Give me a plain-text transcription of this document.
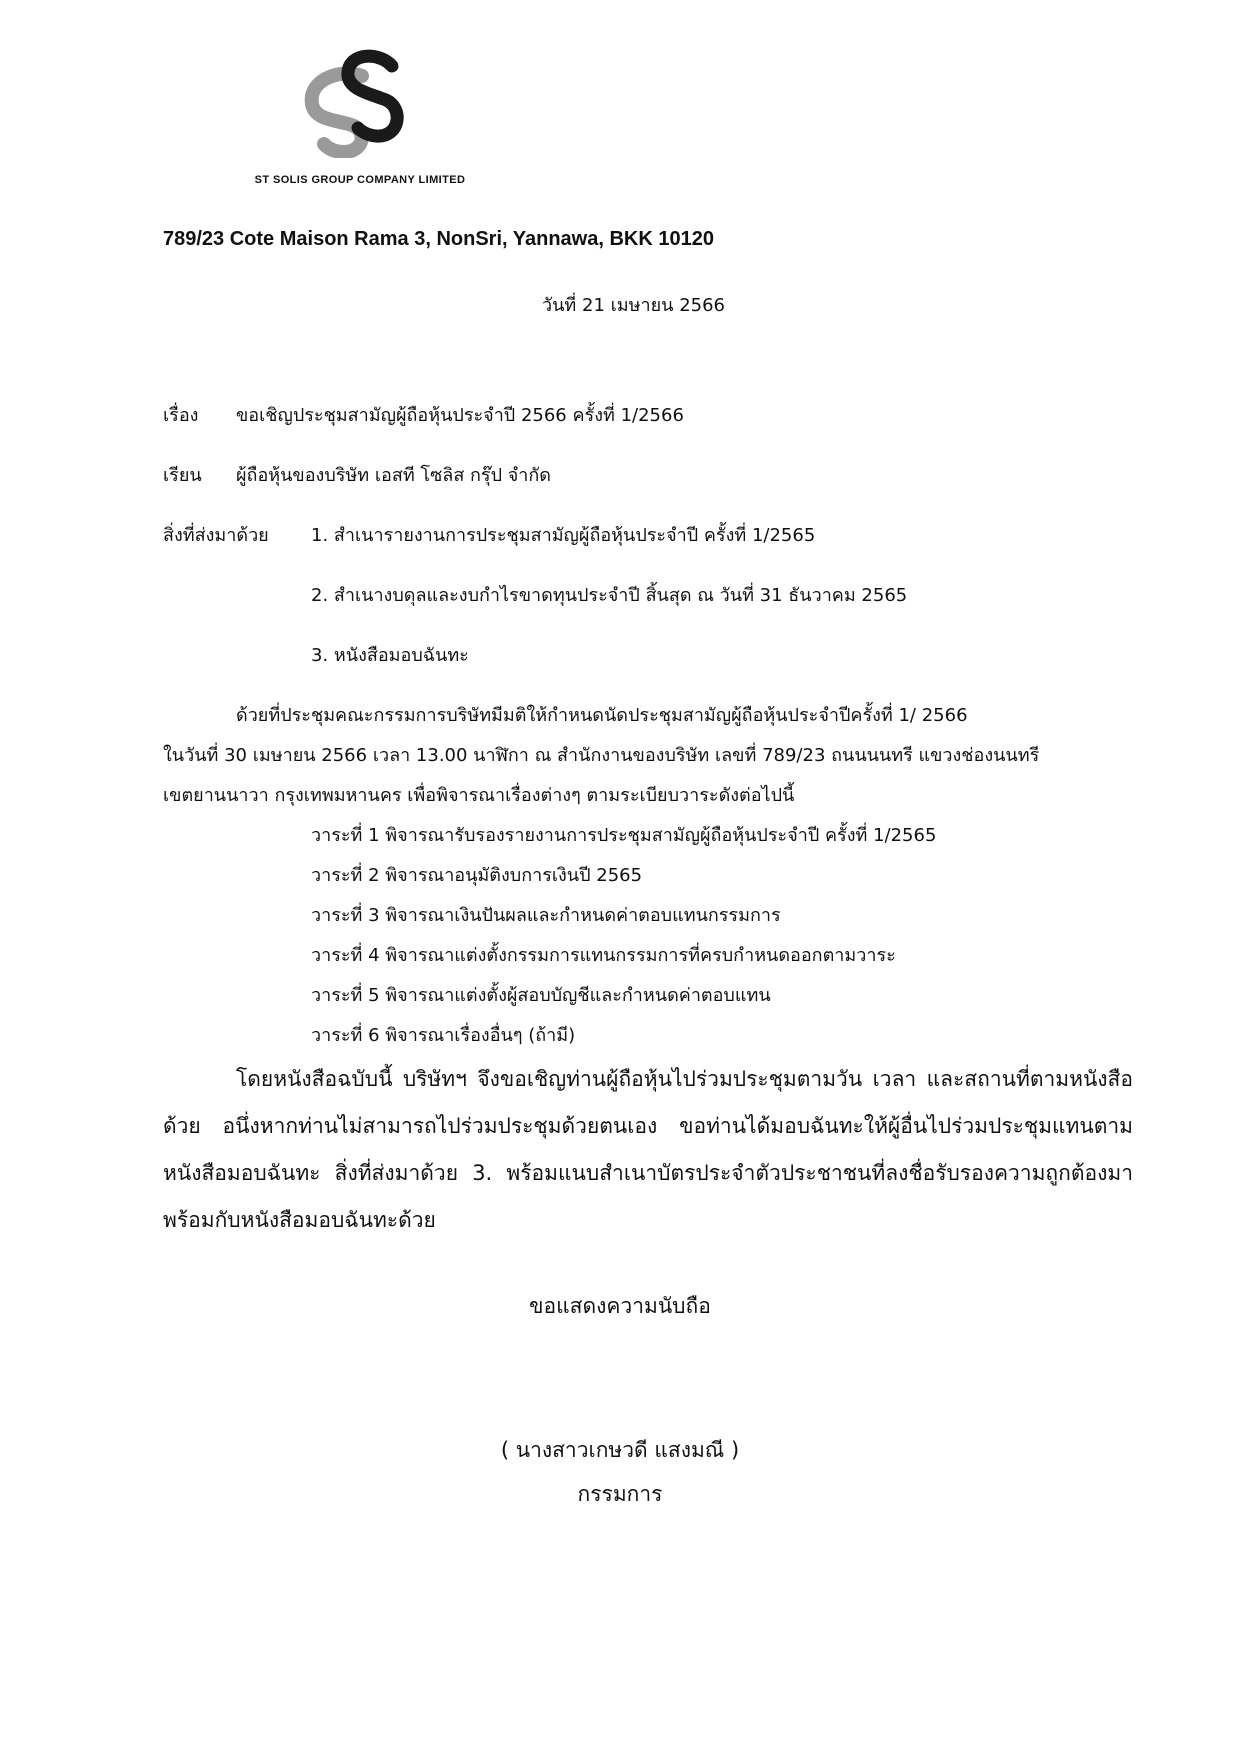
ST SOLIS GROUP COMPANY LIMITED
789/23 Cote Maison Rama 3, NonSri, Yannawa, BKK 10120
วันที่ 21 เมษายน 2566
เรื่อง ขอเชิญประชุมสามัญผู้ถือหุ้นประจำปี 2566 ครั้งที่ 1/2566
เรียน ผู้ถือหุ้นของบริษัท เอสที โซลิส กรุ๊ป จำกัด
สิ่งที่ส่งมาด้วย 1. สำเนารายงานการประชุมสามัญผู้ถือหุ้นประจำปี ครั้งที่ 1/2565
2. สำเนางบดุลและงบกำไรขาดทุนประจำปี สิ้นสุด ณ วันที่ 31 ธันวาคม 2565
3. หนังสือมอบฉันทะ
ด้วยที่ประชุมคณะกรรมการบริษัทมีมติให้กำหนดนัดประชุมสามัญผู้ถือหุ้นประจำปีครั้งที่ 1/ 2566
ในวันที่ 30 เมษายน 2566 เวลา 13.00 นาฬิกา ณ สำนักงานของบริษัท เลขที่ 789/23 ถนนนนทรี แขวงช่องนนทรี
เขตยานนาวา กรุงเทพมหานคร เพื่อพิจารณาเรื่องต่างๆ ตามระเบียบวาระดังต่อไปนี้
วาระที่ 1 พิจารณารับรองรายงานการประชุมสามัญผู้ถือหุ้นประจำปี ครั้งที่ 1/2565
วาระที่ 2 พิจารณาอนุมัติงบการเงินปี 2565
วาระที่ 3 พิจารณาเงินปันผลและกำหนดค่าตอบแทนกรรมการ
วาระที่ 4 พิจารณาแต่งตั้งกรรมการแทนกรรมการที่ครบกำหนดออกตามวาระ
วาระที่ 5 พิจารณาแต่งตั้งผู้สอบบัญชีและกำหนดค่าตอบแทน
วาระที่ 6 พิจารณาเรื่องอื่นๆ (ถ้ามี)
โดยหนังสือฉบับนี้ บริษัทฯ จึงขอเชิญท่านผู้ถือหุ้นไปร่วมประชุมตามวัน เวลา และสถานที่ตามหนังสือ
ด้วย อนึ่งหากท่านไม่สามารถไปร่วมประชุมด้วยตนเอง ขอท่านได้มอบฉันทะให้ผู้อื่นไปร่วมประชุมแทนตาม
หนังสือมอบฉันทะ สิ่งที่ส่งมาด้วย 3. พร้อมแนบสำเนาบัตรประจำตัวประชาชนที่ลงชื่อรับรองความถูกต้องมา
พร้อมกับหนังสือมอบฉันทะด้วย
ขอแสดงความนับถือ
( นางสาวเกษวดี แสงมณี )
กรรมการ
